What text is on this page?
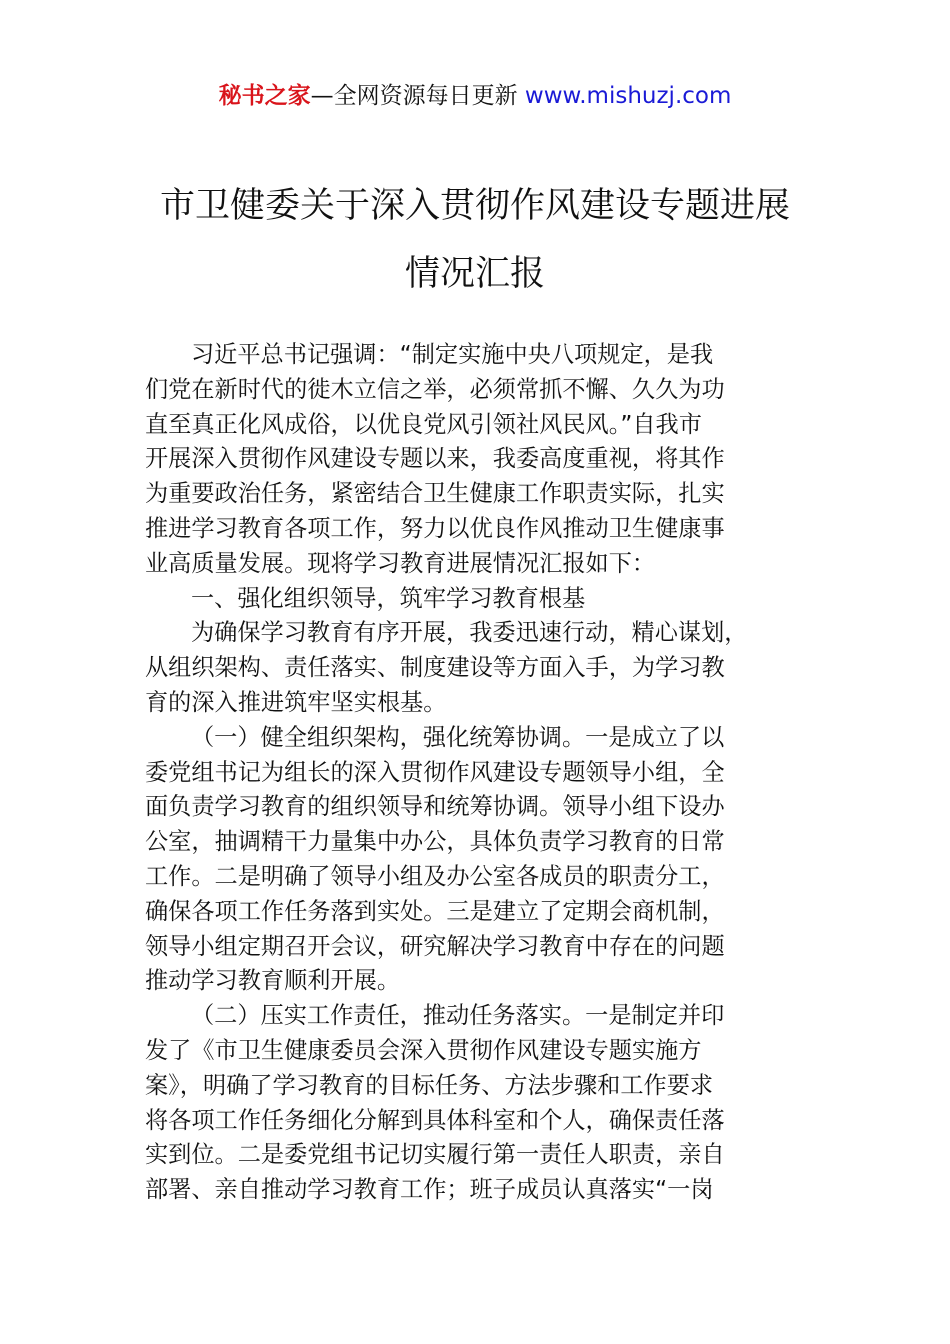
秘书之家—全网资源每日更新 www.mishuzj.com
市卫健委关于深入贯彻作风建设专题进展
情况汇报
习近平总书记强调：“制定实施中央八项规定，是我
们党在新时代的徙木立信之举，必须常抓不懈、久久为功
直至真正化风成俗，以优良党风引领社风民风。”自我市
开展深入贯彻作风建设专题以来，我委高度重视，将其作
为重要政治任务，紧密结合卫生健康工作职责实际，扎实
推进学习教育各项工作，努力以优良作风推动卫生健康事
业高质量发展。现将学习教育进展情况汇报如下：
一、强化组织领导，筑牢学习教育根基
为确保学习教育有序开展，我委迅速行动，精心谋划，
从组织架构、责任落实、制度建设等方面入手，为学习教
育的深入推进筑牢坚实根基。
（一）健全组织架构，强化统筹协调。一是成立了以
委党组书记为组长的深入贯彻作风建设专题领导小组，全
面负责学习教育的组织领导和统筹协调。领导小组下设办
公室，抽调精干力量集中办公，具体负责学习教育的日常
工作。二是明确了领导小组及办公室各成员的职责分工，
确保各项工作任务落到实处。三是建立了定期会商机制，
领导小组定期召开会议，研究解决学习教育中存在的问题
推动学习教育顺利开展。
（二）压实工作责任，推动任务落实。一是制定并印
发了《市卫生健康委员会深入贯彻作风建设专题实施方
案》，明确了学习教育的目标任务、方法步骤和工作要求
将各项工作任务细化分解到具体科室和个人，确保责任落
实到位。二是委党组书记切实履行第一责任人职责，亲自
部署、亲自推动学习教育工作；班子成员认真落实“一岗
